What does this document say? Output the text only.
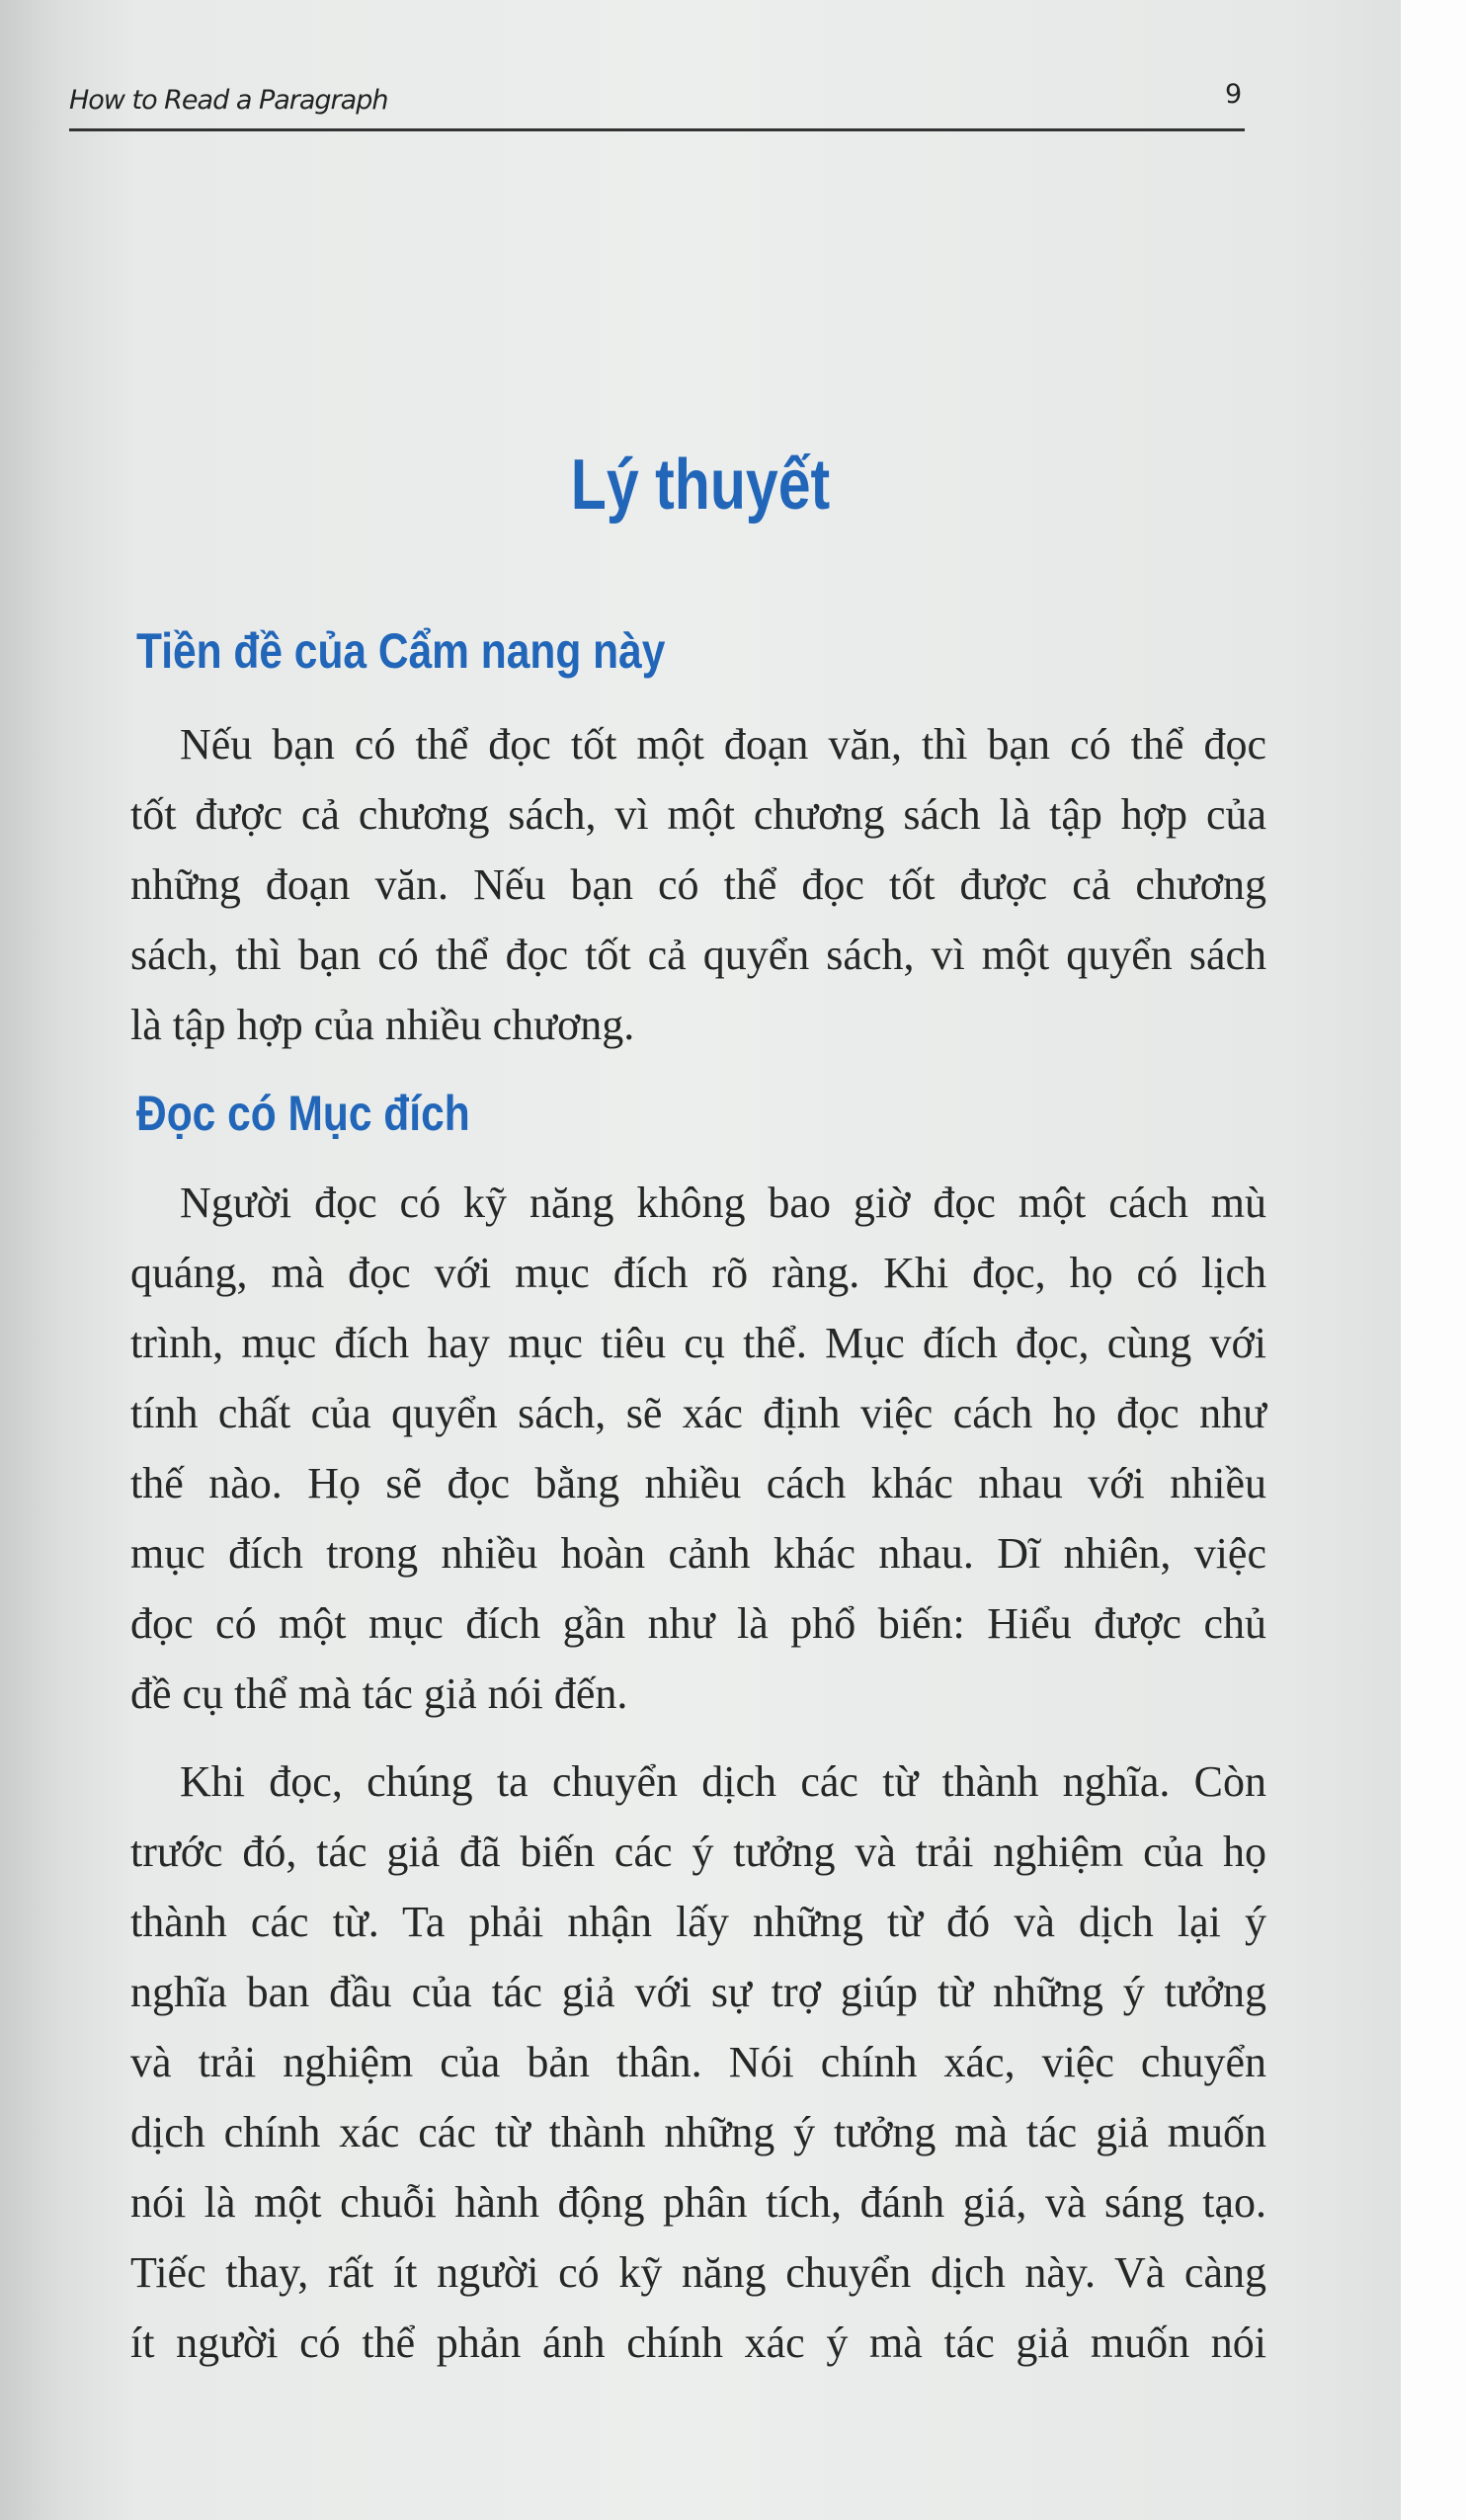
How to Read a Paragraph	9
Lý thuyết
Tiền đề của Cẩm nang này
Nếu bạn có thể đọc tốt một đoạn văn, thì bạn có thể đọc
tốt được cả chương sách, vì một chương sách là tập hợp của
những đoạn văn. Nếu bạn có thể đọc tốt được cả chương
sách, thì bạn có thể đọc tốt cả quyển sách, vì một quyển sách
là tập hợp của nhiều chương.
Đọc có Mục đích
Người đọc có kỹ năng không bao giờ đọc một cách mù
quáng, mà đọc với mục đích rõ ràng. Khi đọc, họ có lịch
trình, mục đích hay mục tiêu cụ thể. Mục đích đọc, cùng với
tính chất của quyển sách, sẽ xác định việc cách họ đọc như
thế nào. Họ sẽ đọc bằng nhiều cách khác nhau với nhiều
mục đích trong nhiều hoàn cảnh khác nhau. Dĩ nhiên, việc
đọc có một mục đích gần như là phổ biến: Hiểu được chủ
đề cụ thể mà tác giả nói đến.
Khi đọc, chúng ta chuyển dịch các từ thành nghĩa. Còn
trước đó, tác giả đã biến các ý tưởng và trải nghiệm của họ
thành các từ. Ta phải nhận lấy những từ đó và dịch lại ý
nghĩa ban đầu của tác giả với sự trợ giúp từ những ý tưởng
và trải nghiệm của bản thân. Nói chính xác, việc chuyển
dịch chính xác các từ thành những ý tưởng mà tác giả muốn
nói là một chuỗi hành động phân tích, đánh giá, và sáng tạo.
Tiếc thay, rất ít người có kỹ năng chuyển dịch này. Và càng
ít người có thể phản ánh chính xác ý mà tác giả muốn nói
